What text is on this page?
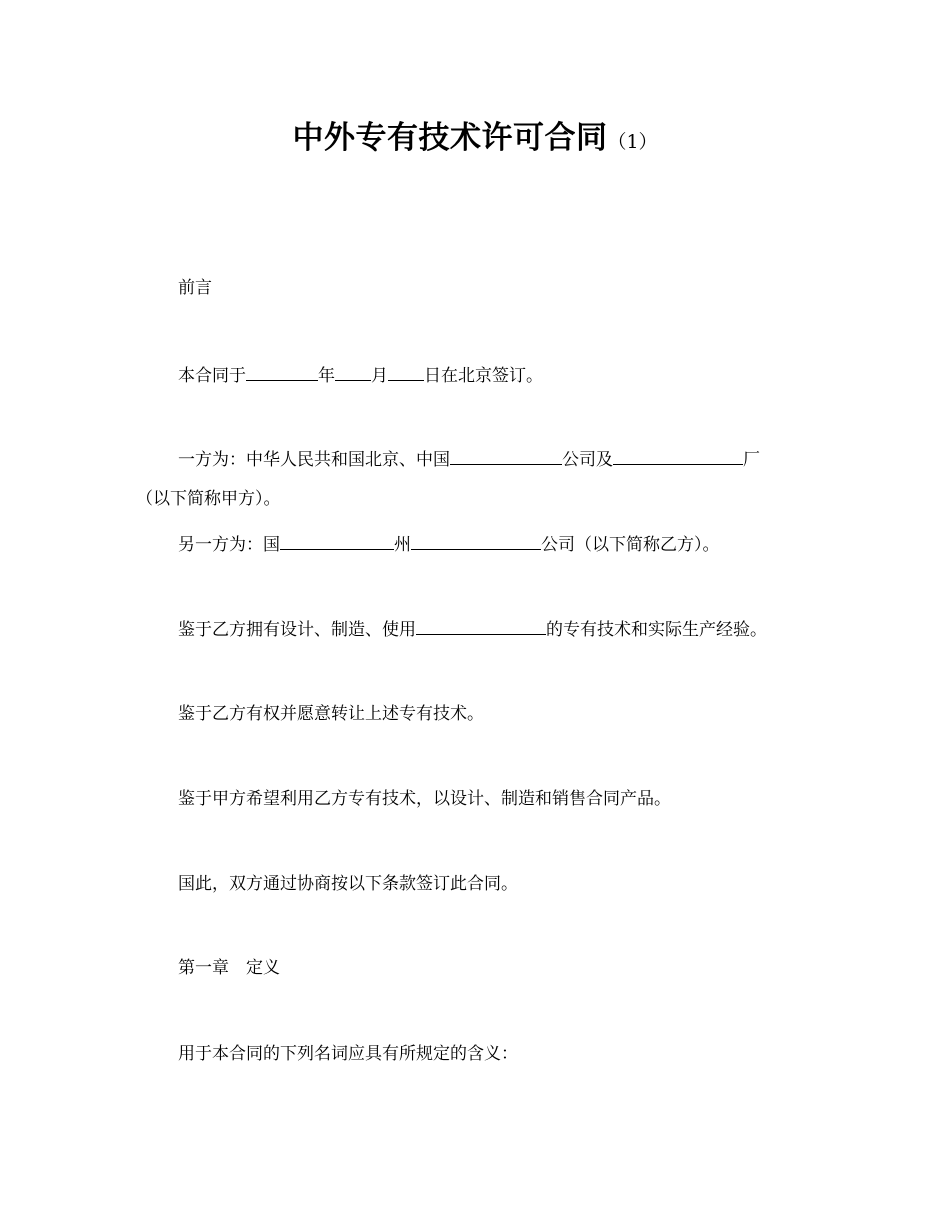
中外专有技术许可合同（1）
前言
本合同于	年 月 日在北京签订。
一方为：中华人民共和国北京、中国	公司及	厂
（以下简称甲方）。
另一方为：国	州	公司（以下简称乙方）。
鉴于乙方拥有设计、制造、使用	的专有技术和实际生产经验。
鉴于乙方有权并愿意转让上述专有技术。
鉴于甲方希望利用乙方专有技术，以设计、制造和销售合同产品。
国此，双方通过协商按以下条款签订此合同。
第一章　定义
用于本合同的下列名词应具有所规定的含义：
